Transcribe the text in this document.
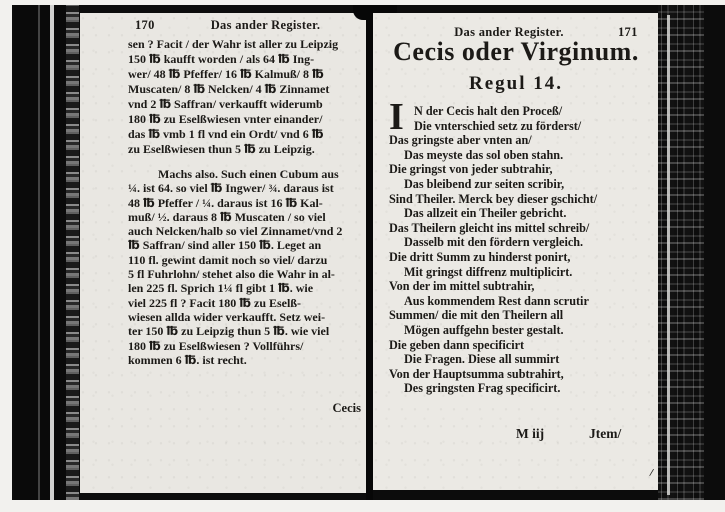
170	Das ander Register.
sen ? Facit / der Wahr ist aller zu Leipzig
150 ℔ kaufft worden / als 64 ℔ Ing-
wer/ 48 ℔ Pfeffer/ 16 ℔ Kalmuß/ 8 ℔
Muscaten/ 8 ℔ Nelcken/ 4 ℔ Zinnamet
vnd 2 ℔ Saffran/ verkaufft widerumb
180 ℔ zu Eselßwiesen vnter einander/
das ℔ vmb 1 fl vnd ein Ordt/ vnd 6 ℔
zu Eselßwiesen thun 5 ℔ zu Leipzig.
Machs also. Such einen Cubum aus
¼. ist 64. so viel ℔ Ingwer/ ¾. daraus ist
48 ℔ Pfeffer / ¼. daraus ist 16 ℔ Kal-
muß/ ½. daraus 8 ℔ Muscaten / so viel
auch Nelcken/halb so viel Zinnamet/vnd 2
℔ Saffran/ sind aller 150 ℔. Leget an
110 fl. gewint damit noch so viel/ darzu
5 fl Fuhrlohn/ stehet also die Wahr in al-
len 225 fl. Sprich 1¼ fl gibt 1 ℔. wie
viel 225 fl ? Facit 180 ℔ zu Eselß-
wiesen allda wider verkaufft. Setz wei-
ter 150 ℔ zu Leipzig thun 5 ℔. wie viel
180 ℔ zu Eselßwiesen ? Vollführs/
kommen 6 ℔. ist recht.
Cecis
Das ander Register.	171
Cecis oder Virginum.
Regul 14.
I N der Cecis halt den Proceß/
Die vnterschied setz zu förderst/
Das gringste aber vnten an/
Das meyste das sol oben stahn.
Die gringst von jeder subtrahir,
Das bleibend zur seiten scribir,
Sind Theiler. Merck bey dieser gschicht/
Das allzeit ein Theiler gebricht.
Das Theilern gleicht ins mittel schreib/
Dasselb mit den fördern vergleich.
Die dritt Summ zu hinderst ponirt,
Mit gringst diffrenz multiplicirt.
Von der im mittel subtrahir,
Aus kommendem Rest dann scrutir
Summen/ die mit den Theilern all
Mögen auffgehn bester gestalt.
Die geben dann specificirt
Die Fragen. Diese all summirt
Von der Hauptsumma subtrahirt,
Des gringsten Frag specificirt.
M iij	Jtem/
/
